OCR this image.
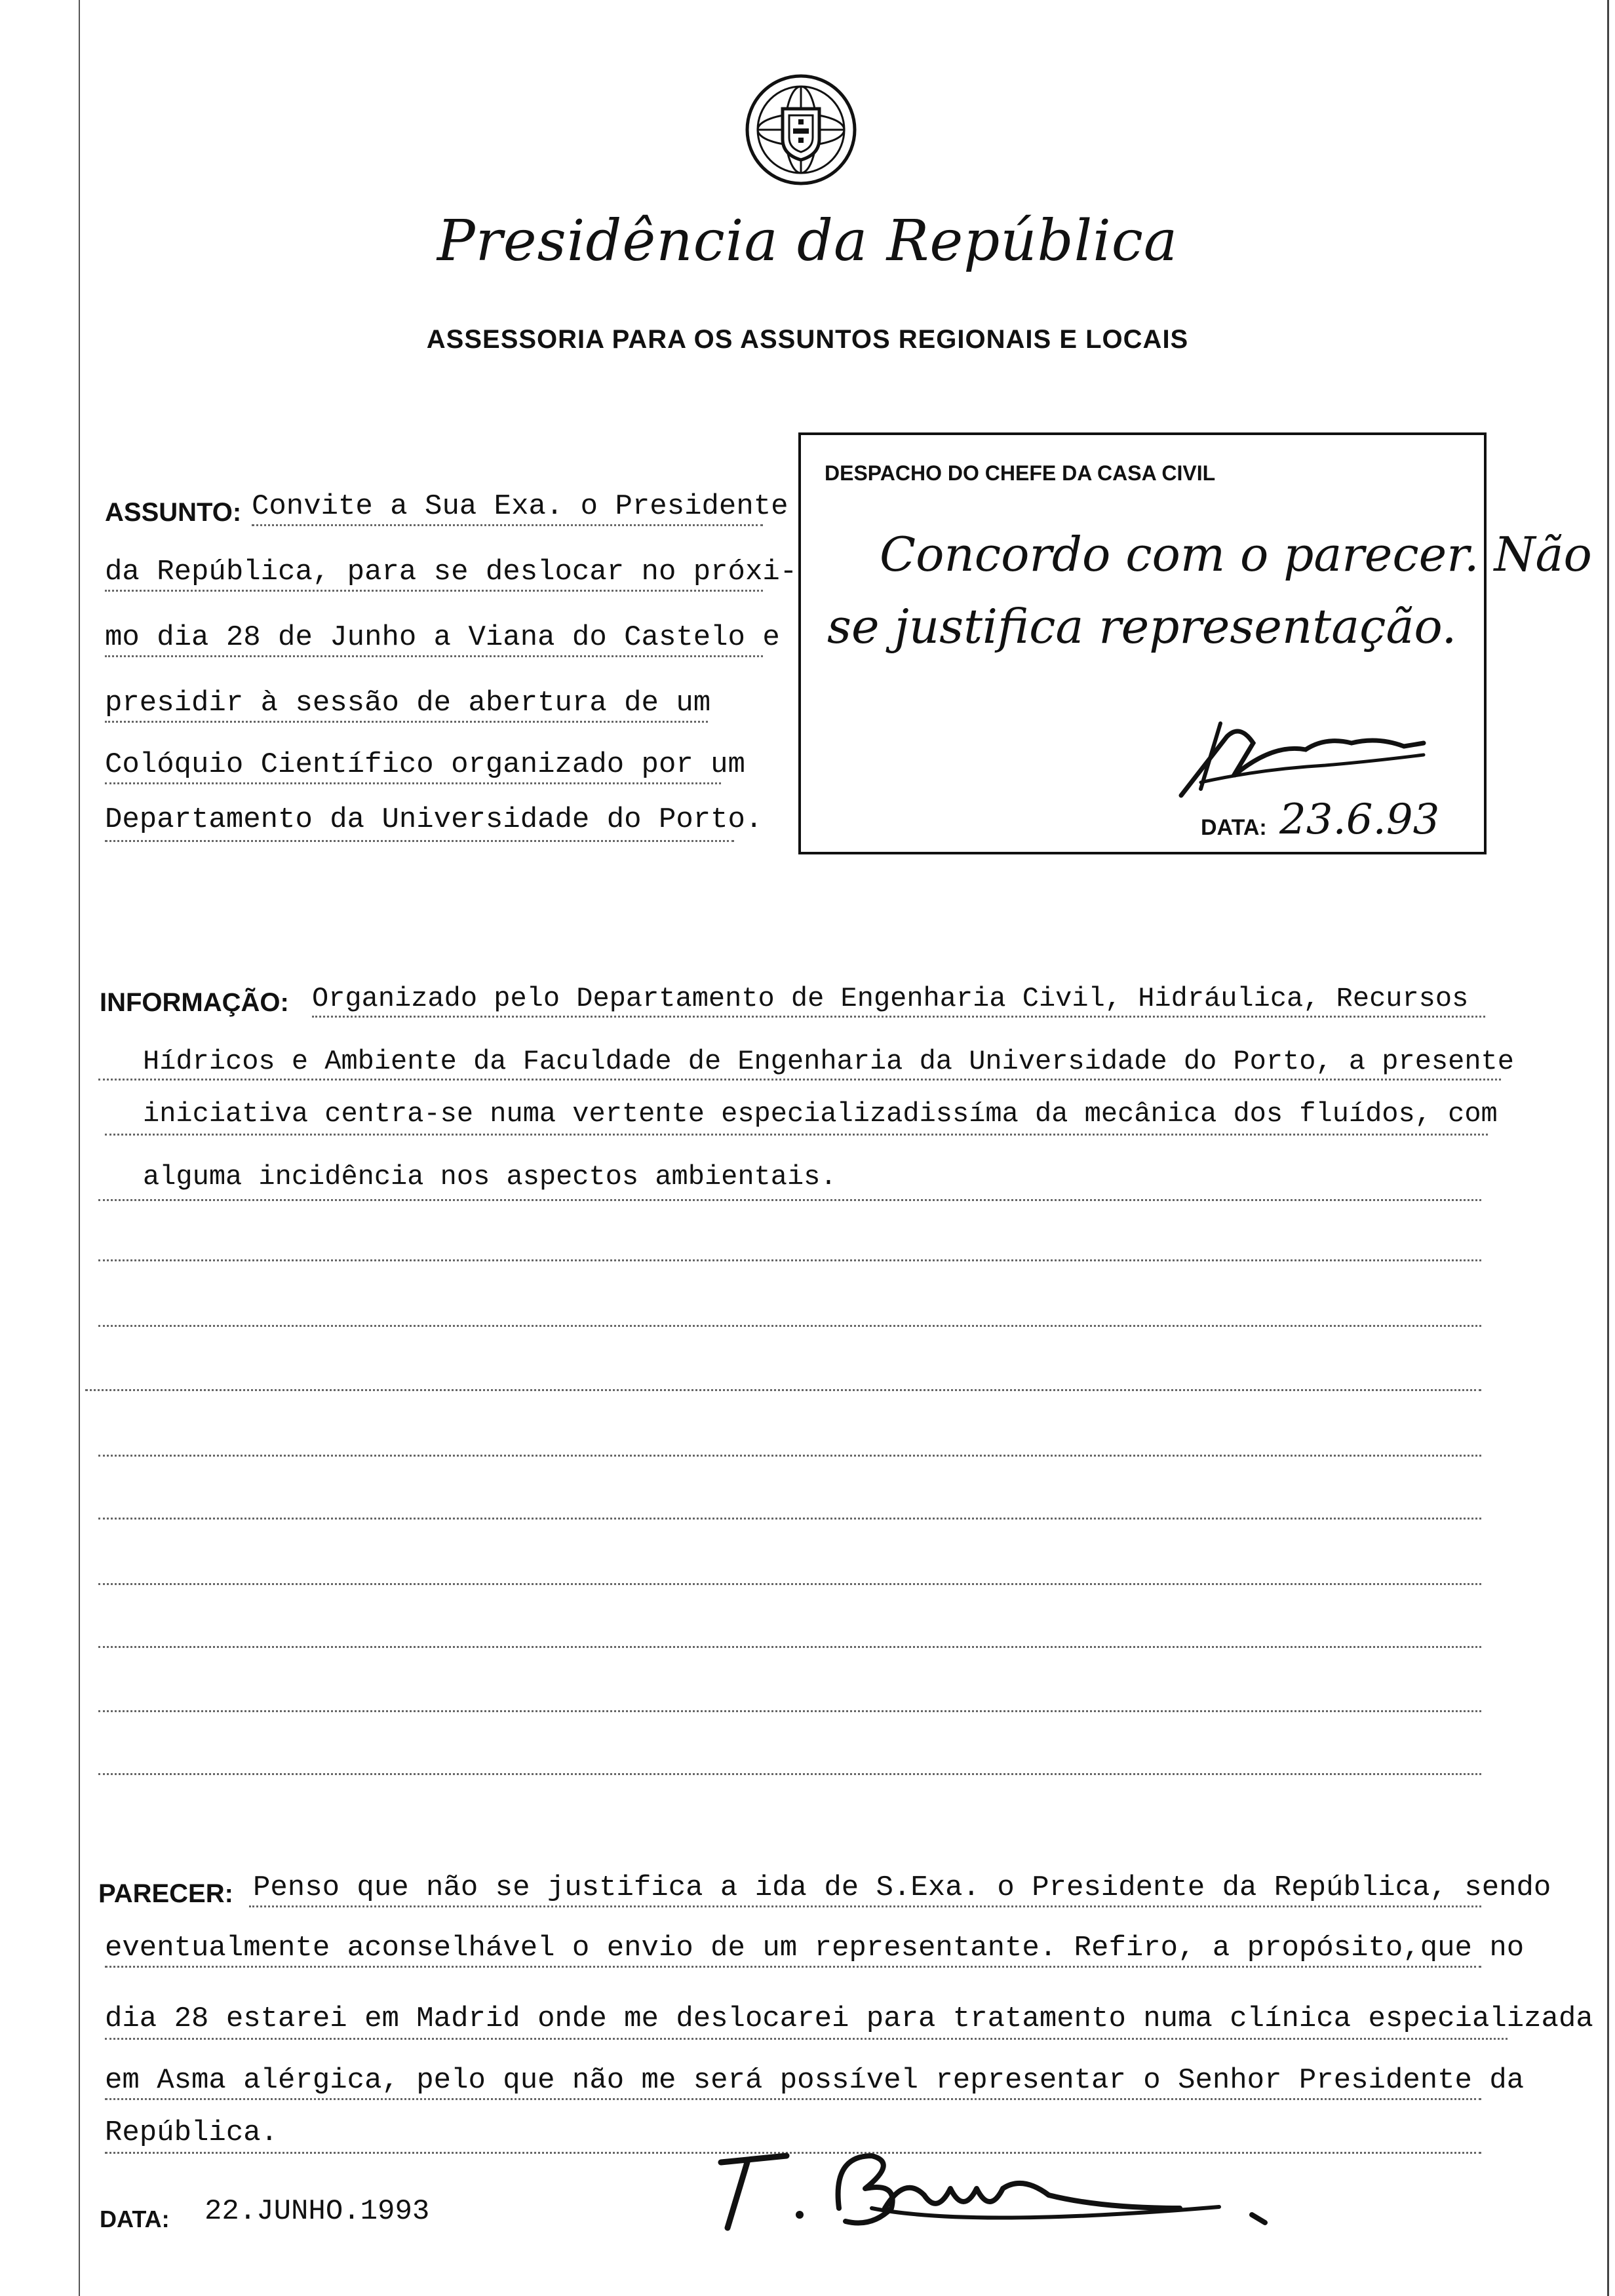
Presidência da República
ASSESSORIA PARA OS ASSUNTOS REGIONAIS E LOCAIS
ASSUNTO: Convite a Sua Exa. o Presidente
da República, para se deslocar no próxi-
mo dia 28 de Junho a Viana do Castelo e
presidir à sessão de abertura de um
Colóquio Científico organizado por um
Departamento da Universidade do Porto.
DESPACHO DO CHEFE DA CASA CIVIL
Concordo com o parecer. Não
se justifica representação.
DATA: 23.6.93
INFORMAÇÃO: Organizado pelo Departamento de Engenharia Civil, Hidráulica, Recursos
Hídricos e Ambiente da Faculdade de Engenharia da Universidade do Porto, a presente
iniciativa centra-se numa vertente especializadissíma da mecânica dos fluídos, com
alguma incidência nos aspectos ambientais.
PARECER: Penso que não se justifica a ida de S.Exa. o Presidente da República, sendo
eventualmente aconselhável o envio de um representante. Refiro, a propósito,que no
dia 28 estarei em Madrid onde me deslocarei para tratamento numa clínica especializada
em Asma alérgica, pelo que não me será possível representar o Senhor Presidente da
República.
DATA: 22.JUNHO.1993
